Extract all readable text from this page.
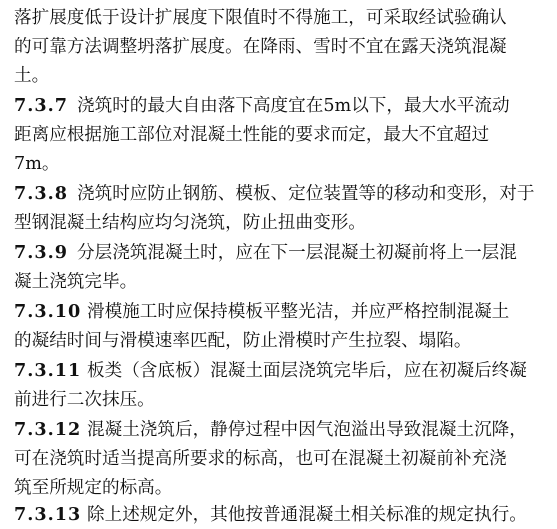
落扩展度低于设计扩展度下限值时不得施工，可采取经试验确认
的可靠方法调整坍落扩展度。在降雨、雪时不宜在露天浇筑混凝
土。
7.3.7 浇筑时的最大自由落下高度宜在5m以下，最大水平流动
距离应根据施工部位对混凝土性能的要求而定，最大不宜超过
7m。
7.3.8 浇筑时应防止钢筋、模板、定位装置等的移动和变形，对于
型钢混凝土结构应均匀浇筑，防止扭曲变形。
7.3.9 分层浇筑混凝土时，应在下一层混凝土初凝前将上一层混
凝土浇筑完毕。
7.3.10 滑模施工时应保持模板平整光洁，并应严格控制混凝土
的凝结时间与滑模速率匹配，防止滑模时产生拉裂、塌陷。
7.3.11 板类（含底板）混凝土面层浇筑完毕后，应在初凝后终凝
前进行二次抹压。
7.3.12 混凝土浇筑后，静停过程中因气泡溢出导致混凝土沉降，
可在浇筑时适当提高所要求的标高，也可在混凝土初凝前补充浇
筑至所规定的标高。
7.3.13 除上述规定外，其他按普通混凝土相关标准的规定执行。
